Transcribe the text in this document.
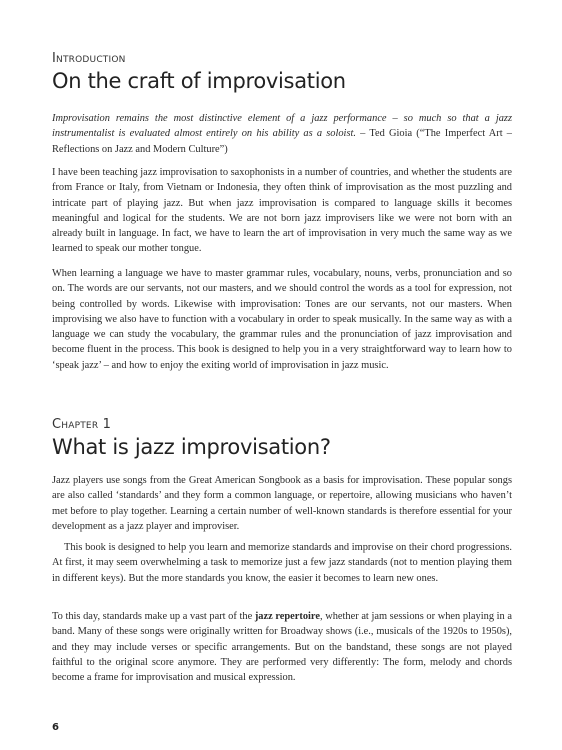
Introduction

On the craft of improvisation

Improvisation remains the most distinctive element of a jazz performance – so much so that a jazz instrumentalist is evaluated almost entirely on his ability as a soloist. – Ted Gioia (“The Imperfect Art – Reflections on Jazz and Modern Culture”)

I have been teaching jazz improvisation to saxophonists in a number of countries, and whether the students are from France or Italy, from Vietnam or Indonesia, they often think of improvisation as the most puzzling and intricate part of playing jazz. But when jazz improvisation is compared to language skills it becomes meaningful and logical for the students. We are not born jazz improvisers like we were not born with an already built in language. In fact, we have to learn the art of improvisation in very much the same way as we learned to speak our mother tongue.

When learning a language we have to master grammar rules, vocabulary, nouns, verbs, pronunciation and so on. The words are our servants, not our masters, and we should control the words as a tool for expression, not being controlled by words. Likewise with improvisation: Tones are our servants, not our masters. When improvising we also have to function with a vocabulary in order to speak musically. In the same way as with a language we can study the vocabulary, the grammar rules and the pronunciation of jazz improvisation and become fluent in the process. This book is designed to help you in a very straightforward way to learn how to ‘speak jazz’ – and how to enjoy the exiting world of improvisation in jazz music.

Chapter 1

What is jazz improvisation?

Jazz players use songs from the Great American Songbook as a basis for improvisation. These popular songs are also called ‘standards’ and they form a common language, or repertoire, allowing musicians who haven’t met before to play together. Learning a certain number of well-known standards is therefore essential for your development as a jazz player and improviser.

This book is designed to help you learn and memorize standards and improvise on their chord progressions. At first, it may seem overwhelming a task to memorize just a few jazz standards (not to mention playing them in different keys). But the more standards you know, the easier it becomes to learn new ones.

To this day, standards make up a vast part of the jazz repertoire, whether at jam sessions or when playing in a band. Many of these songs were originally written for Broadway shows (i.e., musicals of the 1920s to 1950s), and they may include verses or specific arrangements. But on the bandstand, these songs are not played faithful to the original score anymore. They are performed very differently: The form, melody and chords become a frame for improvisation and musical expression.

6
